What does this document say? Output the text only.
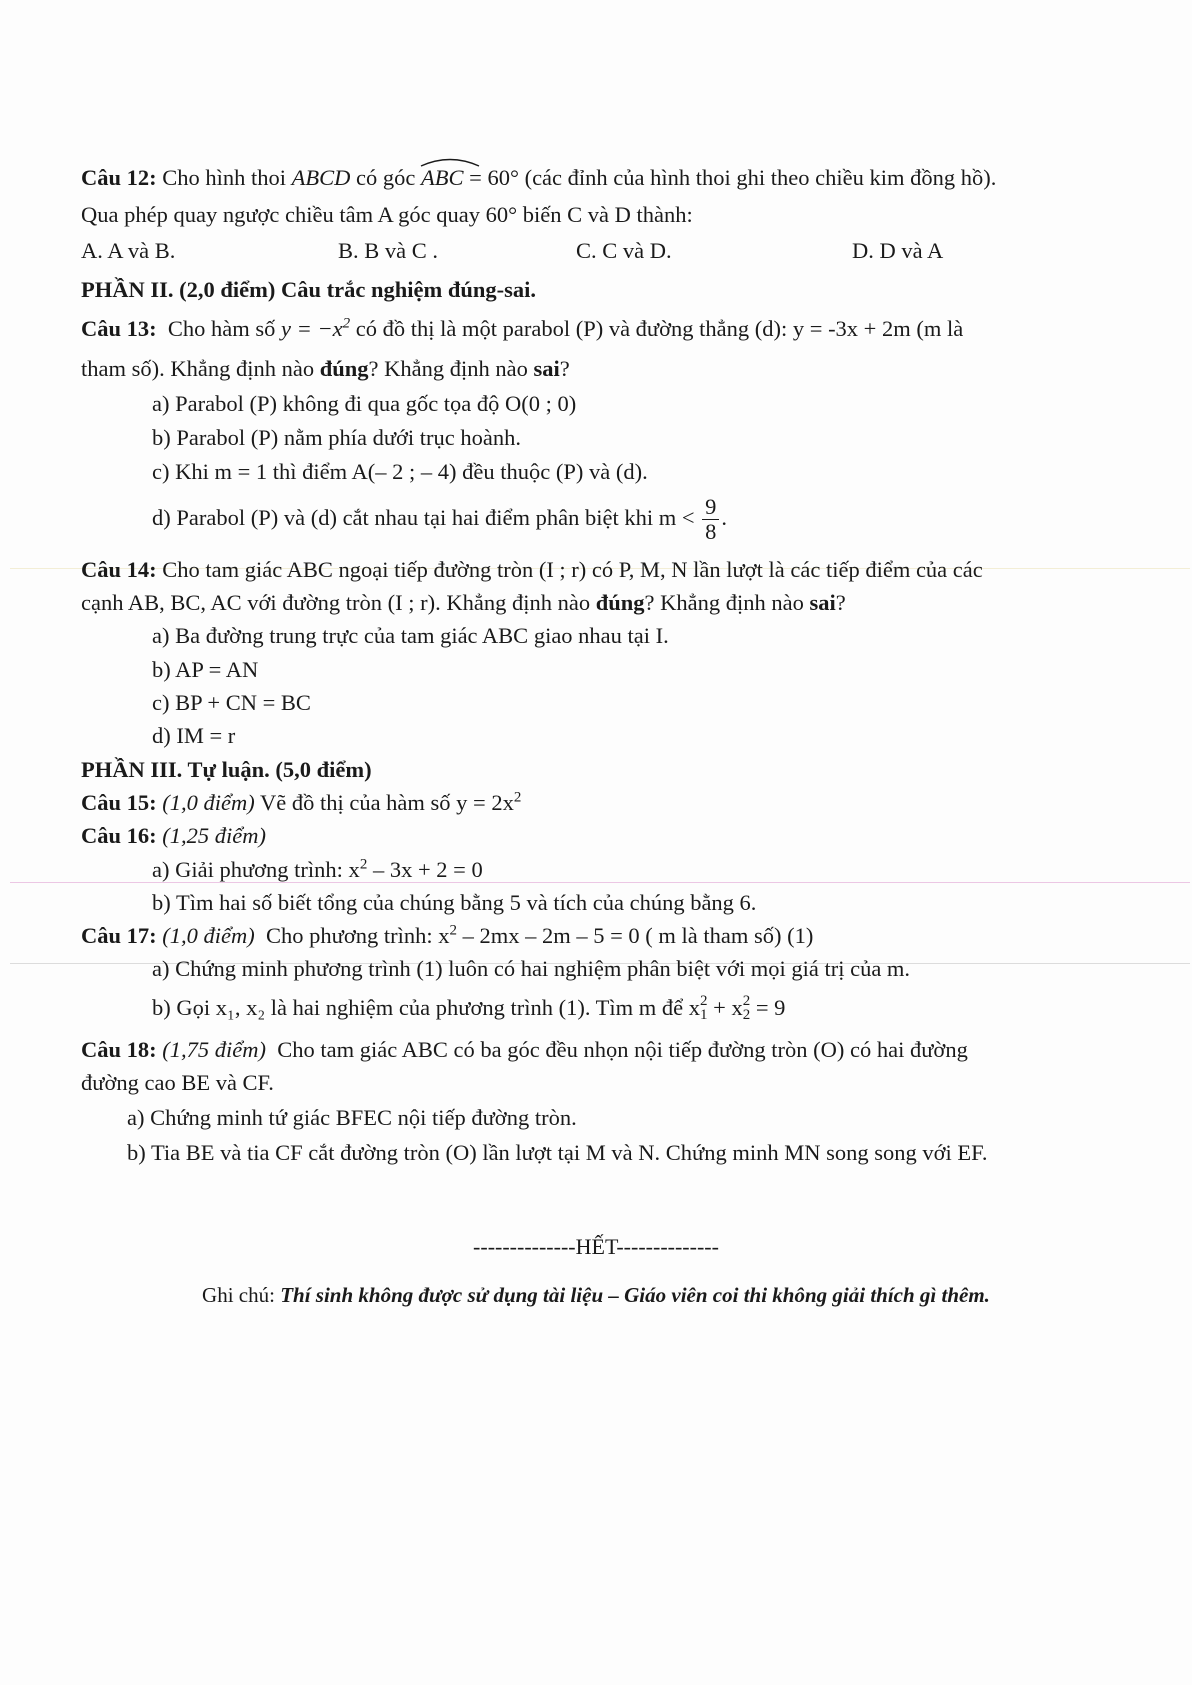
Câu 12: Cho hình thoi ABCD có góc ABC = 60° (các đỉnh của hình thoi ghi theo chiều kim đồng hồ).
Qua phép quay ngược chiều tâm A góc quay 60° biến C và D thành:
A. A và B.	B. B và C .	C. C và D.	D. D và A
PHẦN II. (2,0 điểm) Câu trắc nghiệm đúng-sai.
Câu 13: Cho hàm số $y = -x^2$ có đồ thị là một parabol (P) và đường thẳng (d): y = -3x + 2m (m là
tham số). Khẳng định nào đúng? Khẳng định nào sai?
a) Parabol (P) không đi qua gốc tọa độ O(0 ; 0)
b) Parabol (P) nằm phía dưới trục hoành.
c) Khi m = 1 thì điểm A(– 2 ; – 4) đều thuộc (P) và (d).
d) Parabol (P) và (d) cắt nhau tại hai điểm phân biệt khi $m < \frac{9}{8}$ .
Câu 14: Cho tam giác ABC ngoại tiếp đường tròn (I ; r) có P, M, N lần lượt là các tiếp điểm của các
cạnh AB, BC, AC với đường tròn (I ; r). Khẳng định nào đúng? Khẳng định nào sai?
a) Ba đường trung trực của tam giác ABC giao nhau tại I.
b) AP = AN
c) BP + CN = BC
d) IM = r
PHẦN III. Tự luận. (5,0 điểm)
Câu 15: (1,0 điểm) Vẽ đồ thị của hàm số $y = 2x^2$
Câu 16: (1,25 điểm)
a) Giải phương trình: $x^2 - 3x + 2 = 0$
b) Tìm hai số biết tổng của chúng bằng 5 và tích của chúng bằng 6.
Câu 17: (1,0 điểm) Cho phương trình: $x^2 - 2mx - 2m - 5 = 0$ ( m là tham số) (1)
a) Chứng minh phương trình (1) luôn có hai nghiệm phân biệt với mọi giá trị của m.
b) Gọi x₁, x₂ là hai nghiệm của phương trình (1). Tìm m để x 2
1 + x 2
2 = 9
Câu 18: (1,75 điểm) Cho tam giác ABC có ba góc đều nhọn nội tiếp đường tròn (O) có hai đường
đường cao BE và CF.
a) Chứng minh tứ giác BFEC nội tiếp đường tròn.
b) Tia BE và tia CF cắt đường tròn (O) lần lượt tại M và N. Chứng minh MN song song với EF.
--------------HẾT--------------
Ghi chú: Thí sinh không được sử dụng tài liệu – Giáo viên coi thi không giải thích gì thêm.
